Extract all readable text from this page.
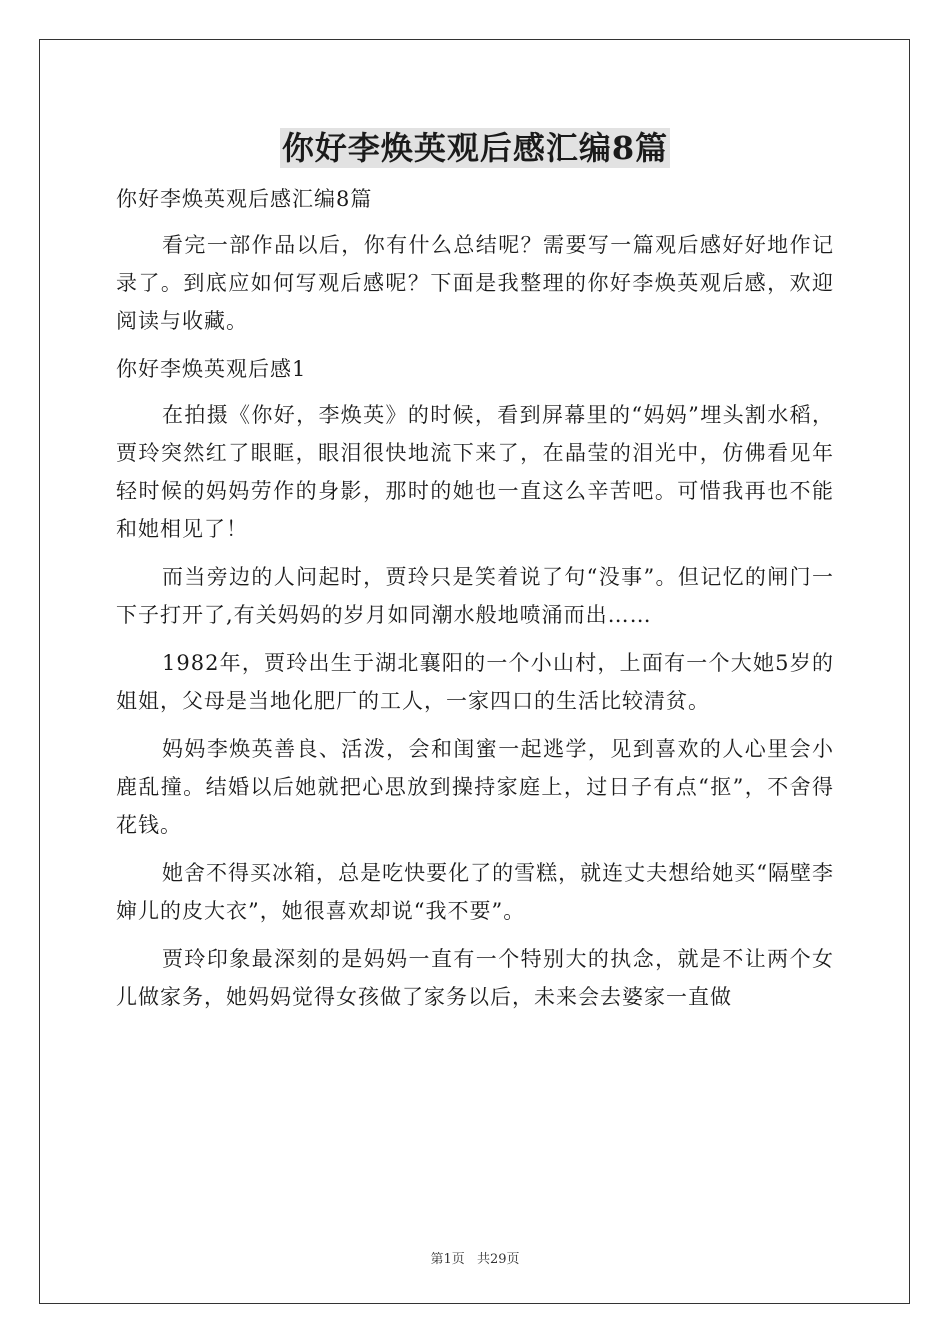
你好李焕英观后感汇编8篇

你好李焕英观后感汇编8篇

看完一部作品以后，你有什么总结呢？需要写一篇观后感好好地作记录了。到底应如何写观后感呢？下面是我整理的你好李焕英观后感，欢迎阅读与收藏。

你好李焕英观后感1

在拍摄《你好，李焕英》的时候，看到屏幕里的“妈妈”埋头割水稻，贾玲突然红了眼眶，眼泪很快地流下来了，在晶莹的泪光中，仿佛看见年轻时候的妈妈劳作的身影，那时的她也一直这么辛苦吧。可惜我再也不能和她相见了！

而当旁边的人问起时，贾玲只是笑着说了句“没事”。但记忆的闸门一下子打开了,有关妈妈的岁月如同潮水般地喷涌而出……

1982年，贾玲出生于湖北襄阳的一个小山村，上面有一个大她5岁的姐姐，父母是当地化肥厂的工人，一家四口的生活比较清贫。

妈妈李焕英善良、活泼，会和闺蜜一起逃学，见到喜欢的人心里会小鹿乱撞。结婚以后她就把心思放到操持家庭上，过日子有点“抠”，不舍得花钱。

她舍不得买冰箱，总是吃快要化了的雪糕，就连丈夫想给她买“隔壁李婶儿的皮大衣”，她很喜欢却说“我不要”。

贾玲印象最深刻的是妈妈一直有一个特别大的执念，就是不让两个女儿做家务，她妈妈觉得女孩做了家务以后，未来会去婆家一直做

第1页 共29页
